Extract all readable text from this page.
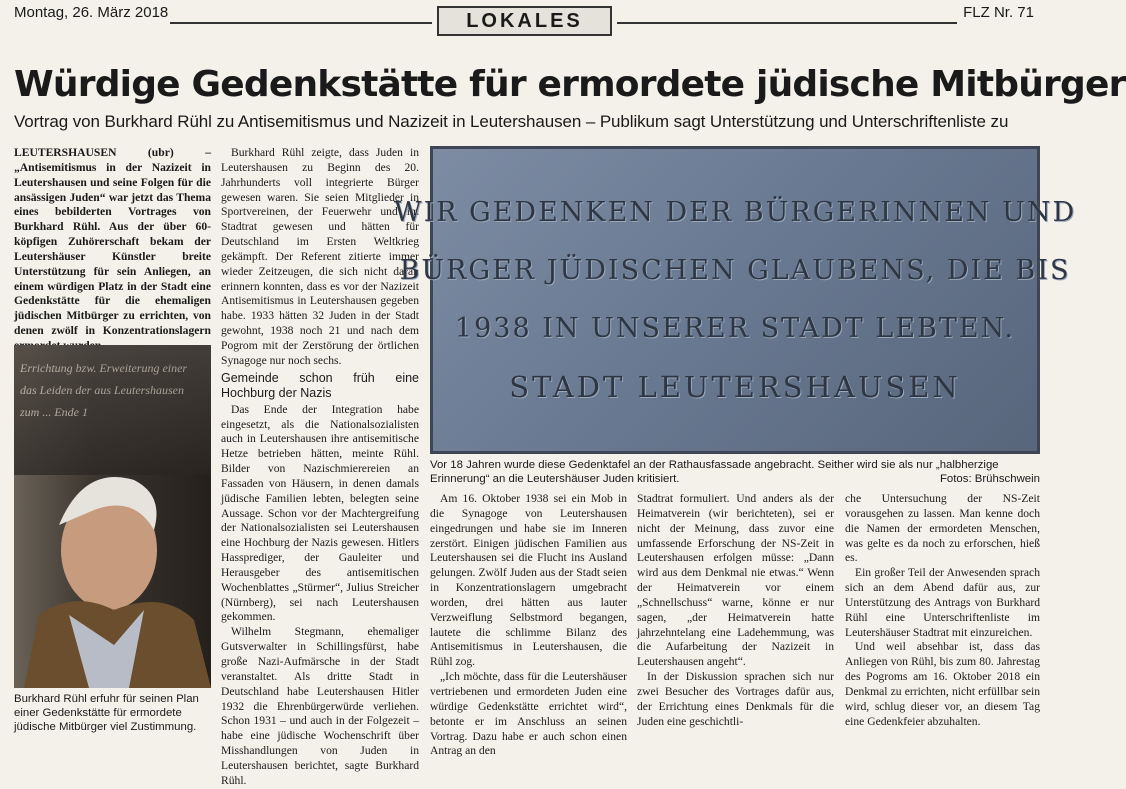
Montag, 26. März 2018	LOKALES	FLZ Nr. 71
Würdige Gedenkstätte für ermordete jüdische Mitbürger
Vortrag von Burkhard Rühl zu Antisemitismus und Nazizeit in Leutershausen – Publikum sagt Unterstützung und Unterschriftenliste zu

LEUTERSHAUSEN (ubr) – „Antisemitismus in der Nazizeit in Leutershausen und seine Folgen für die ansässigen Juden“ war jetzt das Thema eines bebilderten Vortrages von Burkhard Rühl. Aus der über 60-köpfigen Zuhörerschaft bekam der Leutershäuser Künstler breite Unterstützung für sein Anliegen, an einem würdigen Platz in der Stadt eine Gedenkstätte für die ehemaligen jüdischen Mitbürger zu errichten, von denen zwölf in Konzentrationslagern

Errichtung bzw. Erweiterung einer das Leiden der aus Leutershausen zum ... Ende 1
Burkhard Rühl erfuhr für seinen Plan einer Gedenkstätte für ermordete jüdische Mitbürger viel Zustimmung.

Burkhard Rühl zeigte, dass Juden in Leutershausen zu Beginn des 20. Jahrhunderts voll integrierte Bürger gewesen waren. Sie seien Mitglieder in Sportvereinen, der Feuerwehr und im Stadtrat gewesen und hätten für Deutschland im Ersten Weltkrieg gekämpft. Der Referent zitierte immer wieder Zeitzeugen, die sich nicht daran erinnern konnten, dass es vor der Nazizeit Antisemitismus in Leutershausen gegeben habe. 1933 hätten 32 Juden in der Stadt gewohnt, 1938 noch 21 und nach dem Pogrom mit der Zerstörung der örtlichen Synagoge nur noch sechs.

Gemeinde schon früh eine Hochburg der Nazis

Das Ende der Integration habe eingesetzt, als die Nationalsozialisten auch in Leutershausen ihre antisemitische Hetze betrieben hätten, meinte Rühl. Bilder von Nazischmierereien an Fassaden von Häusern, in denen damals jüdische Familien lebten, belegten seine Aussage. Schon vor der Machtergreifung der Nationalsozialisten sei Leutershausen eine Hochburg der Nazis gewesen. Hitlers Hassprediger, der Gauleiter und Herausgeber des antisemitischen Wochenblattes „Stürmer“, Julius Streicher (Nürnberg), sei nach Leutershausen gekommen.

Wilhelm Stegmann, ehemaliger Gutsverwalter in Schillingsfürst, habe große Nazi-Aufmärsche in der Stadt veranstaltet. Als dritte Stadt in Deutschland habe Leutershausen Hitler 1932 die Ehrenbürgerwürde verliehen. Schon 1931 – und auch in der Folgezeit – habe eine jüdische Wochenschrift über Misshandlungen von Juden in Leutershausen berichtet, sagte Burkhard Rühl.

WIR GEDENKEN DER BÜRGERINNEN UND
BÜRGER JÜDISCHEN GLAUBENS, DIE BIS
1938 IN UNSERER STADT LEBTEN.
STADT LEUTERSHAUSEN
Vor 18 Jahren wurde diese Gedenktafel an der Rathausfassade angebracht. Seither wird sie als nur „halbherzige Erinnerung“ an die Leutershäuser Juden kritisiert.	Fotos: Brühschwein

Am 16. Oktober 1938 sei ein Mob in die Synagoge von Leutershausen eingedrungen und habe sie im Inneren zerstört. Einigen jüdischen Familien aus Leutershausen sei die Flucht ins Ausland gelungen. Zwölf Juden aus der Stadt seien in Konzentrationslagern umgebracht worden, drei hätten aus lauter Verzweiflung Selbstmord begangen, lautete die schlimme Bilanz des Antisemitismus in Leutershausen, die Rühl zog.

„Ich möchte, dass für die Leutershäuser vertriebenen und ermordeten Juden eine würdige Gedenkstätte errichtet wird“, betonte er im Anschluss an seinen Vortrag. Dazu habe er auch schon einen Antrag an den

Stadtrat formuliert. Und anders als der Heimatverein (wir berichteten), sei er nicht der Meinung, dass zuvor eine umfassende Erforschung der NS-Zeit in Leutershausen erfolgen müsse: „Dann wird aus dem Denkmal nie etwas.“ Wenn der Heimatverein vor einem „Schnellschuss“ warne, könne er nur sagen, „der Heimatverein hatte jahrzehntelang eine Ladehemmung, was die Aufarbeitung der Nazizeit in Leutershausen angeht“.

In der Diskussion sprachen sich nur zwei Besucher des Vortrages dafür aus, der Errichtung eines Denkmals für die Juden eine geschichtli-

che Untersuchung der NS-Zeit vorausgehen zu lassen. Man kenne doch die Namen der ermordeten Menschen, was gelte es da noch zu erforschen, hieß es.

Ein großer Teil der Anwesenden sprach sich an dem Abend dafür aus, zur Unterstützung des Antrags von Burkhard Rühl eine Unterschriftenliste im Leutershäuser Stadtrat mit einzureichen.

Und weil absehbar ist, dass das Anliegen von Rühl, bis zum 80. Jahrestag des Pogroms am 16. Oktober 2018 ein Denkmal zu errichten, nicht erfüllbar sein wird, schlug dieser vor, an diesem Tag eine Gedenkfeier abzuhalten.
